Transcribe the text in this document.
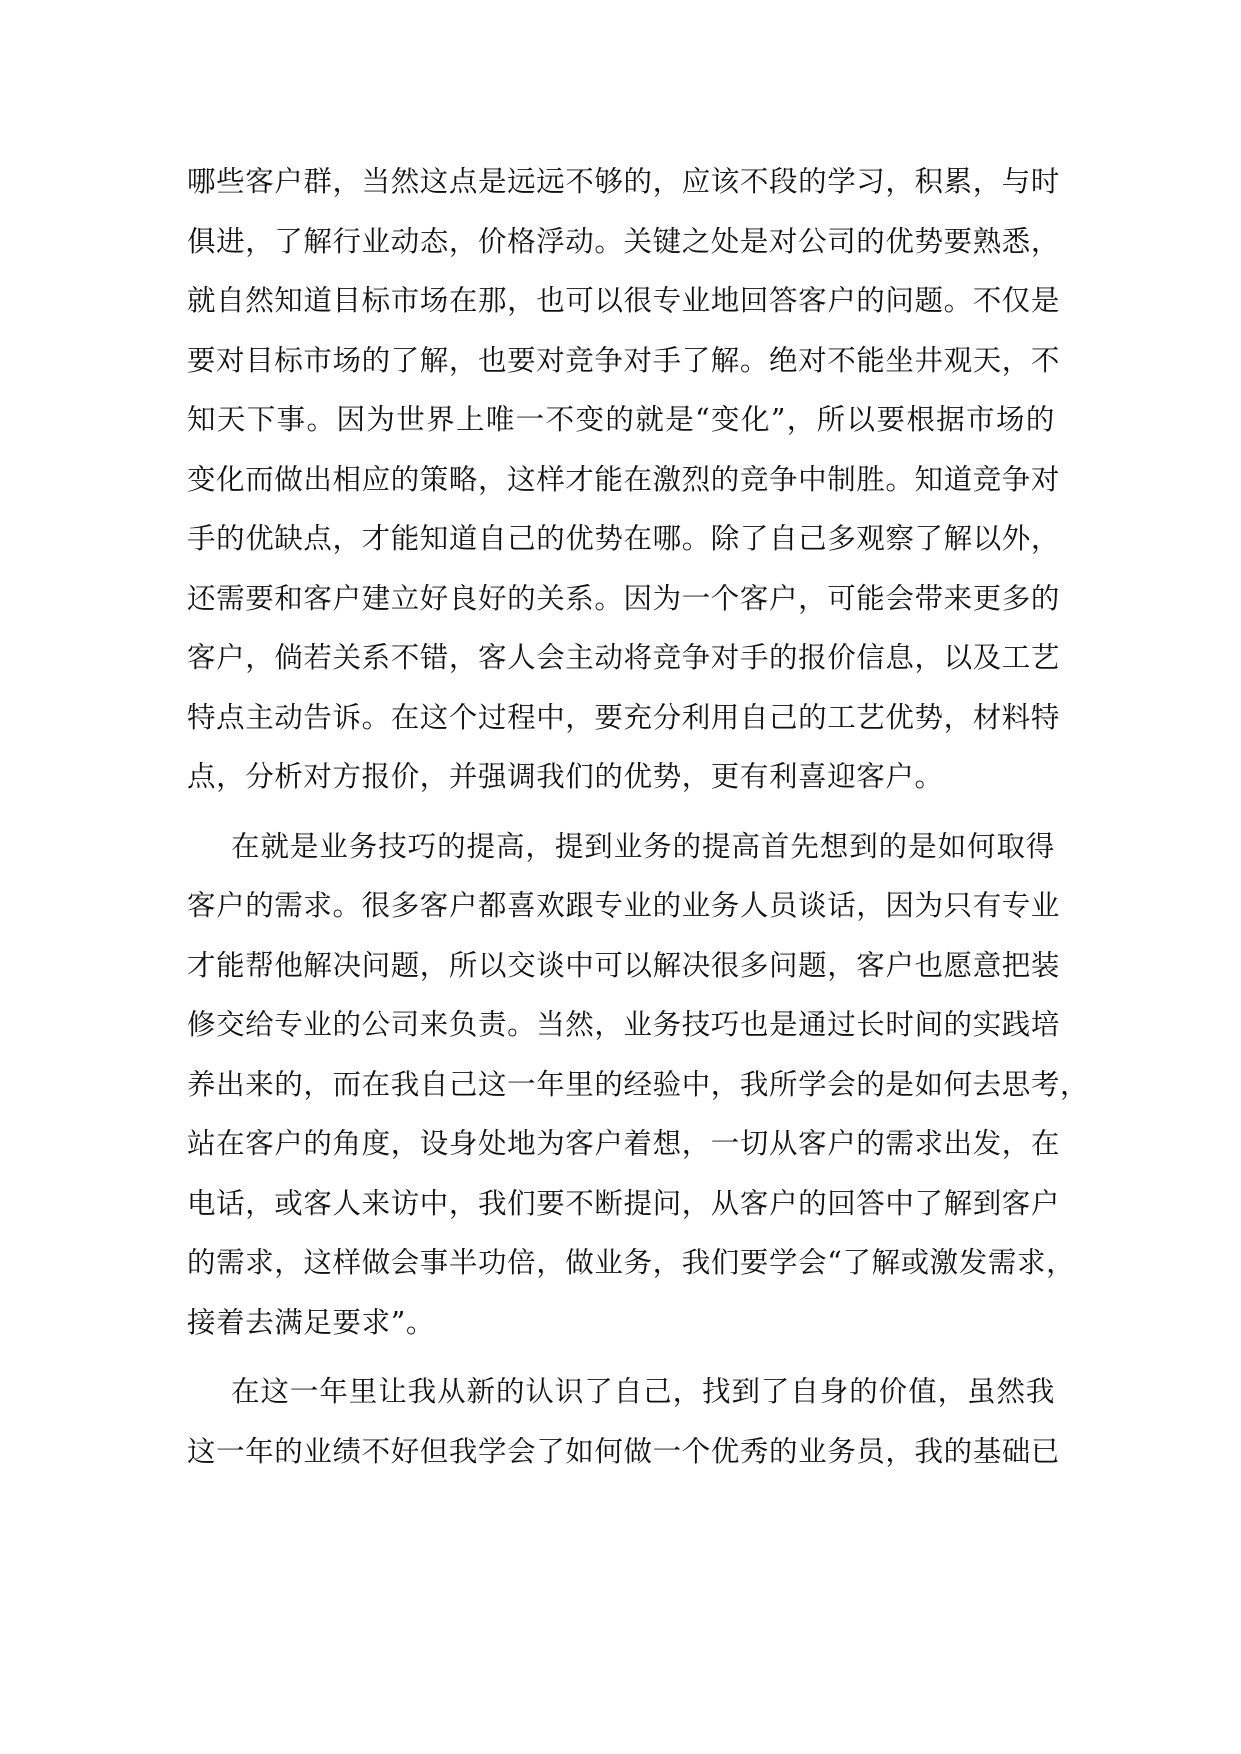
哪些客户群，当然这点是远远不够的，应该不段的学习，积累，与时
俱进，了解行业动态，价格浮动。关键之处是对公司的优势要熟悉，
就自然知道目标市场在那，也可以很专业地回答客户的问题。不仅是
要对目标市场的了解，也要对竞争对手了解。绝对不能坐井观天，不
知天下事。因为世界上唯一不变的就是“变化”，所以要根据市场的
变化而做出相应的策略，这样才能在激烈的竞争中制胜。知道竞争对
手的优缺点，才能知道自己的优势在哪。除了自己多观察了解以外，
还需要和客户建立好良好的关系。因为一个客户，可能会带来更多的
客户，倘若关系不错，客人会主动将竞争对手的报价信息，以及工艺
特点主动告诉。在这个过程中，要充分利用自己的工艺优势，材料特
点，分析对方报价，并强调我们的优势，更有利喜迎客户。
在就是业务技巧的提高，提到业务的提高首先想到的是如何取得
客户的需求。很多客户都喜欢跟专业的业务人员谈话，因为只有专业
才能帮他解决问题，所以交谈中可以解决很多问题，客户也愿意把装
修交给专业的公司来负责。当然，业务技巧也是通过长时间的实践培
养出来的，而在我自己这一年里的经验中，我所学会的是如何去思考，
站在客户的角度，设身处地为客户着想，一切从客户的需求出发，在
电话，或客人来访中，我们要不断提问，从客户的回答中了解到客户
的需求，这样做会事半功倍，做业务，我们要学会“了解或激发需求，
接着去满足要求”。
在这一年里让我从新的认识了自己，找到了自身的价值，虽然我
这一年的业绩不好但我学会了如何做一个优秀的业务员，我的基础已
